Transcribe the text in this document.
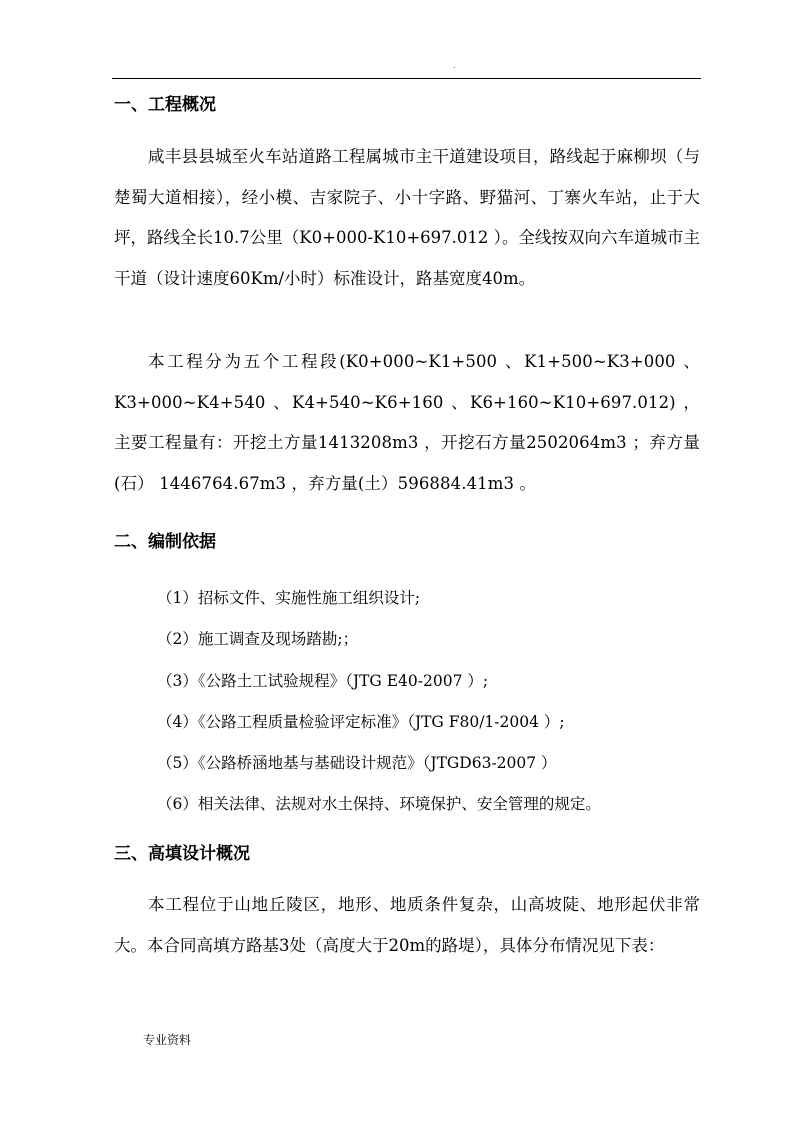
.
一、工程概况

咸丰县县城至火车站道路工程属城市主干道建设项目，路线起于麻柳坝（与楚蜀大道相接），经小模、吉家院子、小十字路、野猫河、丁寨火车站，止于大坪，路线全长10.7公里（K0+000-K10+697.012 ）。全线按双向六车道城市主干道（设计速度60Km/小时）标准设计，路基宽度40m。

本工程分为五个工程段(K0+000~K1+500 、K1+500~K3+000 、K3+000~K4+540 、K4+540~K6+160 、K6+160~K10+697.012) ，主要工程量有：开挖土方量1413208m3 ，开挖石方量2502064m3 ；弃方量(石） 1446764.67m3 ，弃方量(土）596884.41m3 。

二、编制依据
（1）招标文件、实施性施工组织设计;
（2）施工调查及现场踏勘;；
（3）《公路土工试验规程》（JTG E40-2007 ）;
（4）《公路工程质量检验评定标准》（JTG F80/1-2004 ）;
（5）《公路桥涵地基与基础设计规范》（JTGD63-2007 ）
（6）相关法律、法规对水土保持、环境保护、安全管理的规定。
三、高填设计概况

本工程位于山地丘陵区，地形、地质条件复杂，山高坡陡、地形起伏非常大。本合同高填方路基3处（高度大于20m的路堤），具体分布情况见下表：

专业资料
